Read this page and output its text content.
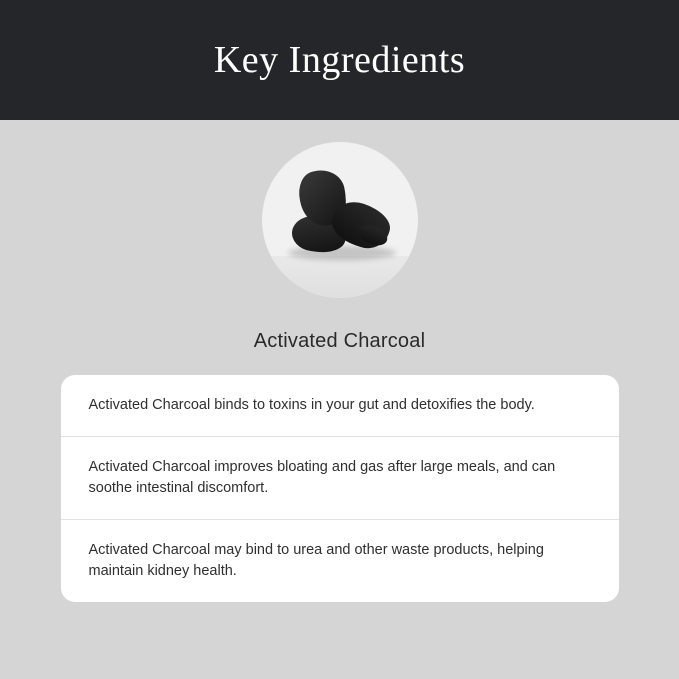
Key Ingredients
Activated Charcoal

Activated Charcoal binds to toxins in your gut and detoxifies the body.

Activated Charcoal improves bloating and gas after large meals, and can soothe intestinal discomfort.

Activated Charcoal may bind to urea and other waste products, helping maintain kidney health.
